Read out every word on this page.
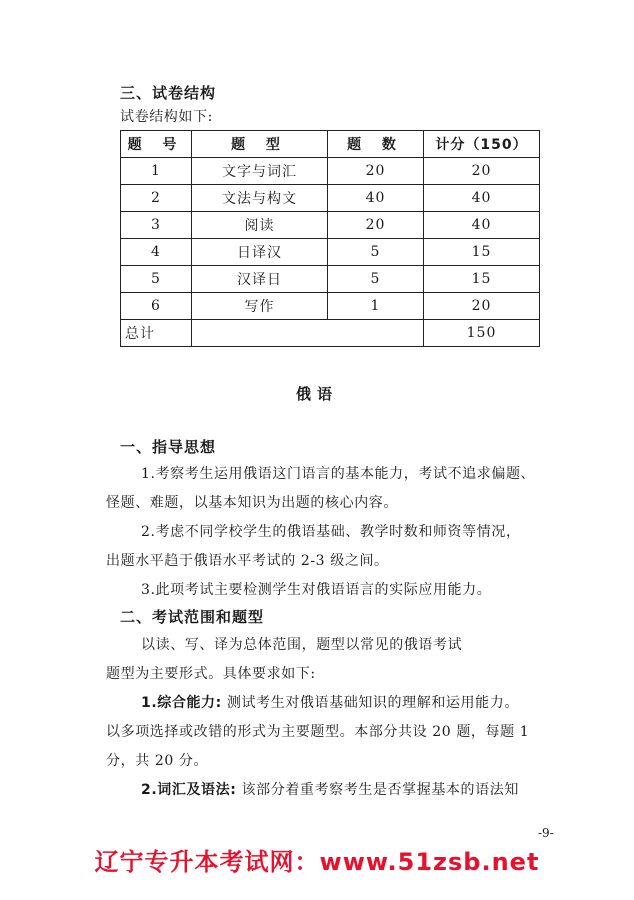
三、试卷结构
试卷结构如下:
题 号	题 型	题 数	计分（150）
1	文字与词汇	20	20
2	文法与构文	40	40
3	阅读	20	40
4	日译汉	5	15
5	汉译日	5	15
6	写作	1	20
总计			150
俄语
一、指导思想
1.考察考生运用俄语这门语言的基本能力，考试不追求偏题、
怪题、难题，以基本知识为出题的核心内容。
2.考虑不同学校学生的俄语基础、教学时数和师资等情况，
出题水平趋于俄语水平考试的 2-3 级之间。
3.此项考试主要检测学生对俄语语言的实际应用能力。
二、考试范围和题型
以读、写、译为总体范围，题型以常见的俄语考试
题型为主要形式。具体要求如下:
1.综合能力: 测试考生对俄语基础知识的理解和运用能力。
以多项选择或改错的形式为主要题型。本部分共设 20 题，每题 1
分，共 20 分。
2.词汇及语法: 该部分着重考察考生是否掌握基本的语法知
-9-
辽宁专升本考试网：www.51zsb.net
